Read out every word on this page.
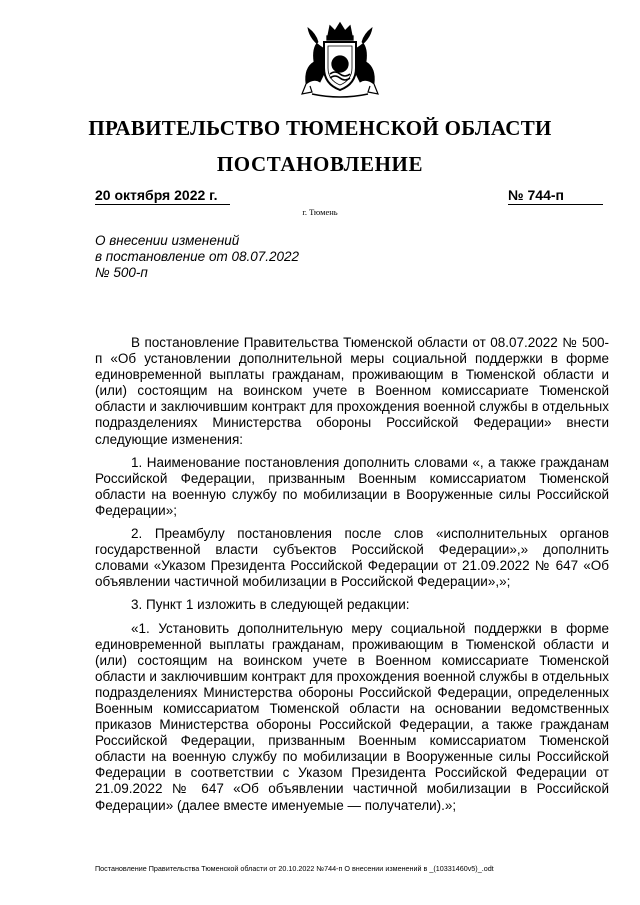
ПРАВИТЕЛЬСТВО ТЮМЕНСКОЙ ОБЛАСТИ
ПОСТАНОВЛЕНИЕ
20 октября 2022 г.	№ 744-п
г. Тюмень
О внесении изменений
в постановление от 08.07.2022
№ 500-п

В постановление Правительства Тюменской области от 08.07.2022 № 500-п «Об установлении дополнительной меры социальной поддержки в форме единовременной выплаты гражданам, проживающим в Тюменской области и (или) состоящим на воинском учете в Военном комиссариате Тюменской области и заключившим контракт для прохождения военной службы в отдельных подразделениях Министерства обороны Российской Федерации» внести следующие изменения:

1. Наименование постановления дополнить словами «, а также гражданам Российской Федерации, призванным Военным комиссариатом Тюменской области на военную службу по мобилизации в Вооруженные силы Российской Федерации»;

2. Преамбулу постановления после слов «исполнительных органов государственной власти субъектов Российской Федерации»,» дополнить словами «Указом Президента Российской Федерации от 21.09.2022 № 647 «Об объявлении частичной мобилизации в Российской Федерации»,»;

3. Пункт 1 изложить в следующей редакции:

«1. Установить дополнительную меру социальной поддержки в форме единовременной выплаты гражданам, проживающим в Тюменской области и (или) состоящим на воинском учете в Военном комиссариате Тюменской области и заключившим контракт для прохождения военной службы в отдельных подразделениях Министерства обороны Российской Федерации, определенных Военным комиссариатом Тюменской области на основании ведомственных приказов Министерства обороны Российской Федерации, а также гражданам Российской Федерации, призванным Военным комиссариатом Тюменской области на военную службу по мобилизации в Вооруженные силы Российской Федерации в соответствии с Указом Президента Российской Федерации от 21.09.2022 № 647 «Об объявлении частичной мобилизации в Российской Федерации» (далее вместе именуемые — получатели).»;

Постановление Правительства Тюменской области от 20.10.2022 №744-п О внесении изменений в _(10331460v5)_.odt
